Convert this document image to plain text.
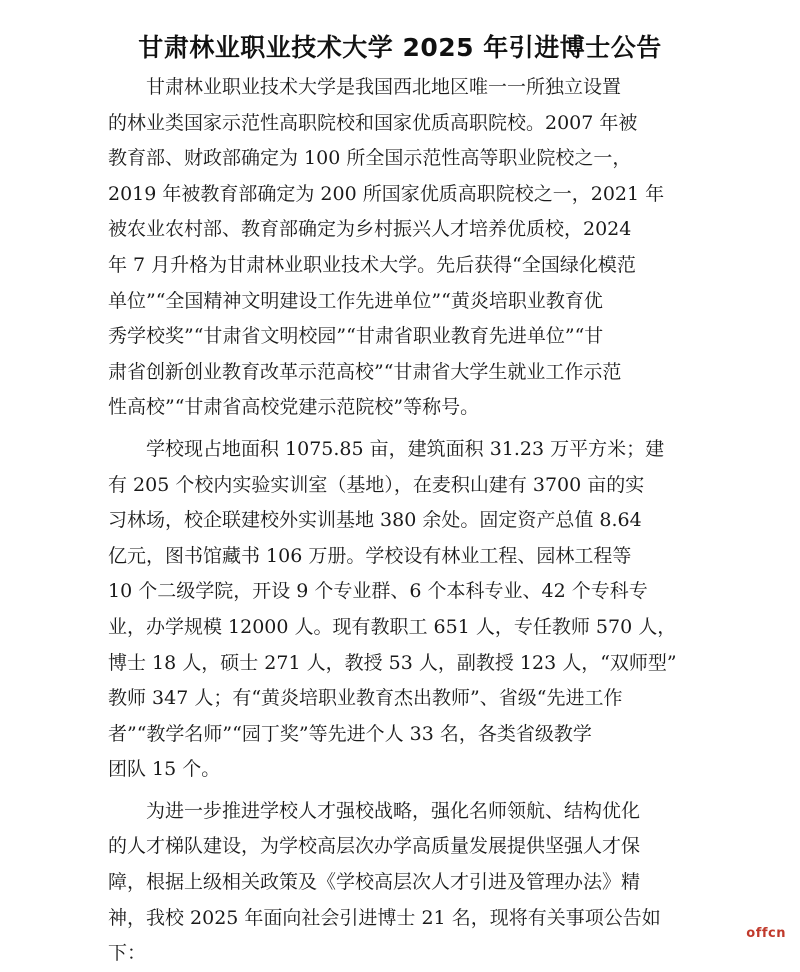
甘肃林业职业技术大学 2025 年引进博士公告
甘肃林业职业技术大学是我国西北地区唯一一所独立设置
的林业类国家示范性高职院校和国家优质高职院校。2007 年被
教育部、财政部确定为 100 所全国示范性高等职业院校之一，
2019 年被教育部确定为 200 所国家优质高职院校之一，2021 年
被农业农村部、教育部确定为乡村振兴人才培养优质校，2024
年 7 月升格为甘肃林业职业技术大学。先后获得“全国绿化模范
单位”“全国精神文明建设工作先进单位”“黄炎培职业教育优
秀学校奖”“甘肃省文明校园”“甘肃省职业教育先进单位”“甘
肃省创新创业教育改革示范高校”“甘肃省大学生就业工作示范
性高校”“甘肃省高校党建示范院校”等称号。
学校现占地面积 1075.85 亩，建筑面积 31.23 万平方米；建
有 205 个校内实验实训室（基地），在麦积山建有 3700 亩的实
习林场，校企联建校外实训基地 380 余处。固定资产总值 8.64
亿元，图书馆藏书 106 万册。学校设有林业工程、园林工程等
10 个二级学院，开设 9 个专业群、6 个本科专业、42 个专科专
业，办学规模 12000 人。现有教职工 651 人，专任教师 570 人，
博士 18 人，硕士 271 人，教授 53 人，副教授 123 人，“双师型”
教师 347 人；有“黄炎培职业教育杰出教师”、省级“先进工作
者”“教学名师”“园丁奖”等先进个人 33 名，各类省级教学
团队 15 个。
为进一步推进学校人才强校战略，强化名师领航、结构优化
的人才梯队建设，为学校高层次办学高质量发展提供坚强人才保
障，根据上级相关政策及《学校高层次人才引进及管理办法》精
神，我校 2025 年面向社会引进博士 21 名，现将有关事项公告如
下：
offcn
